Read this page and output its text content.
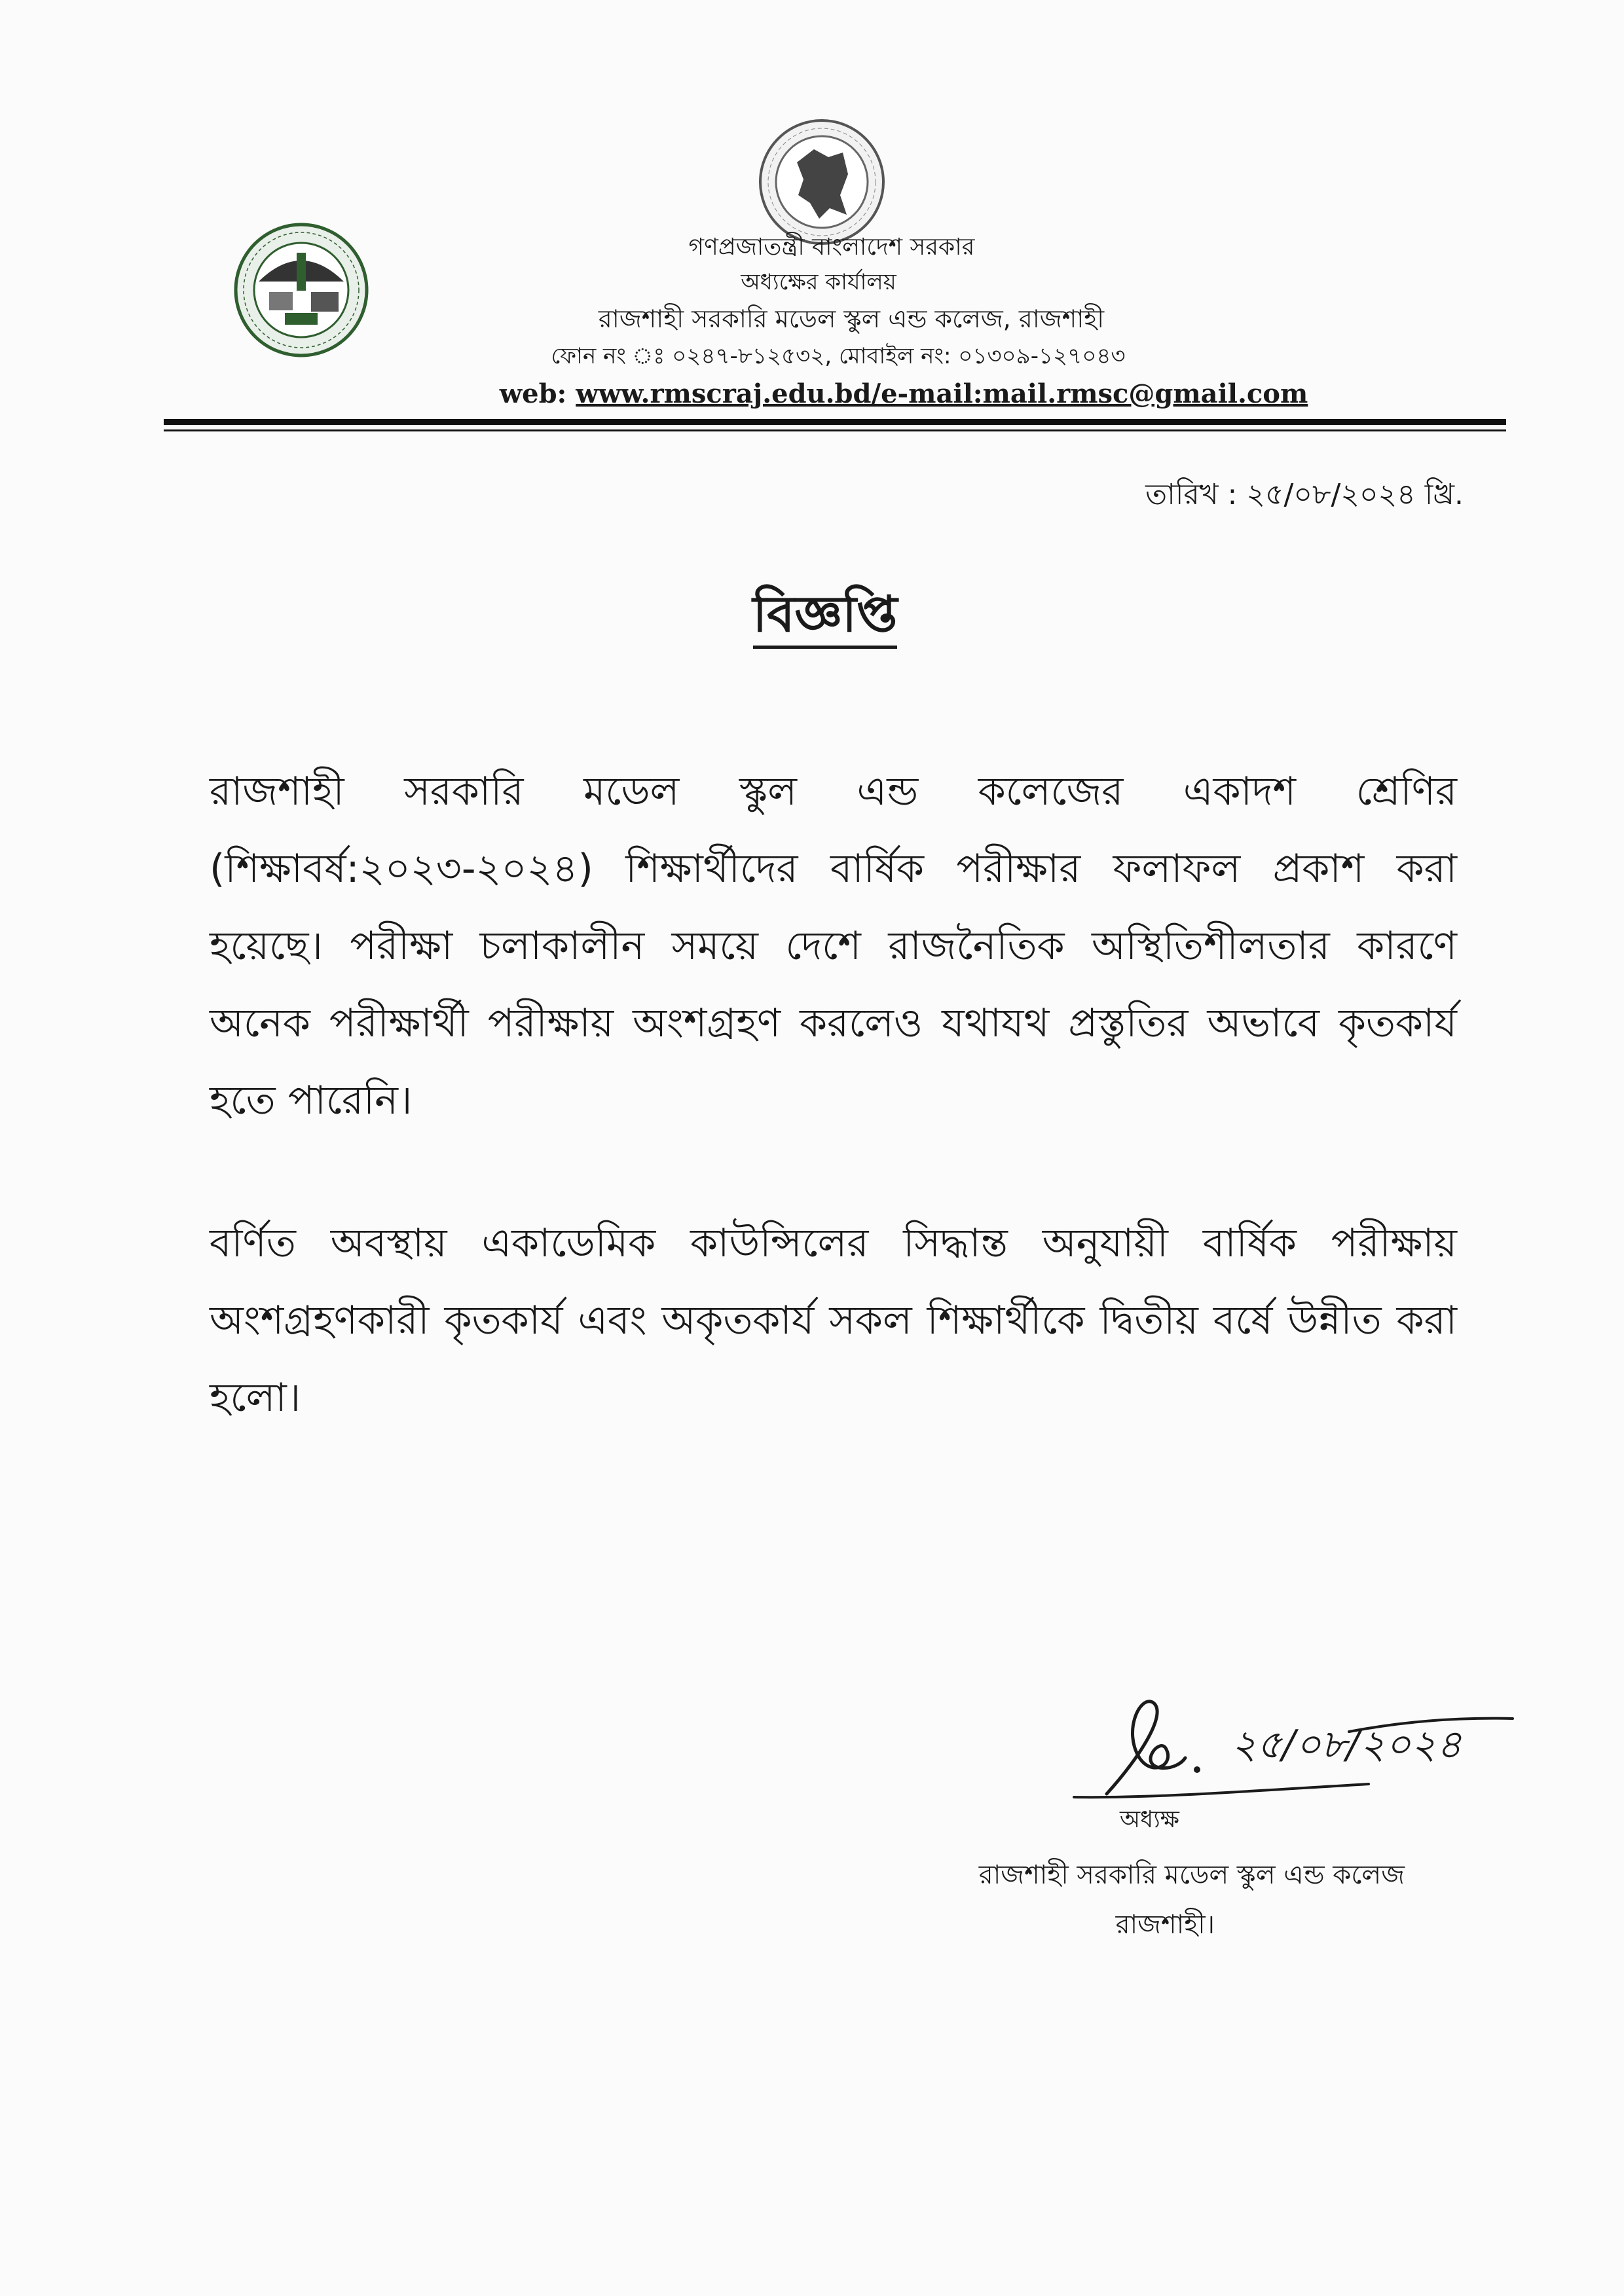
গণপ্রজাতন্ত্রী বাংলাদেশ সরকার
অধ্যক্ষের কার্যালয়
রাজশাহী সরকারি মডেল স্কুল এন্ড কলেজ, রাজশাহী
ফোন নং ঃ ০২৪৭-৮১২৫৩২, মোবাইল নং: ০১৩০৯-১২৭০৪৩
web: www.rmscraj.edu.bd/e-mail:mail.rmsc@gmail.com
তারিখ : ২৫/০৮/২০২৪ খ্রি.
বিজ্ঞপ্তি
রাজশাহী সরকারি মডেল স্কুল এন্ড কলেজের একাদশ শ্রেণির (শিক্ষাবর্ষ:২০২৩-২০২৪) শিক্ষার্থীদের বার্ষিক পরীক্ষার ফলাফল প্রকাশ করা হয়েছে। পরীক্ষা চলাকালীন সময়ে দেশে রাজনৈতিক অস্থিতিশীলতার কারণে অনেক পরীক্ষার্থী পরীক্ষায় অংশগ্রহণ করলেও যথাযথ প্রস্তুতির অভাবে কৃতকার্য হতে পারেনি।
বর্ণিত অবস্থায় একাডেমিক কাউন্সিলের সিদ্ধান্ত অনুযায়ী বার্ষিক পরীক্ষায় অংশগ্রহণকারী কৃতকার্য এবং অকৃতকার্য সকল শিক্ষার্থীকে দ্বিতীয় বর্ষে উন্নীত করা হলো।
২৫/০৮/২০২৪
অধ্যক্ষ
রাজশাহী সরকারি মডেল স্কুল এন্ড কলেজ
রাজশাহী।
